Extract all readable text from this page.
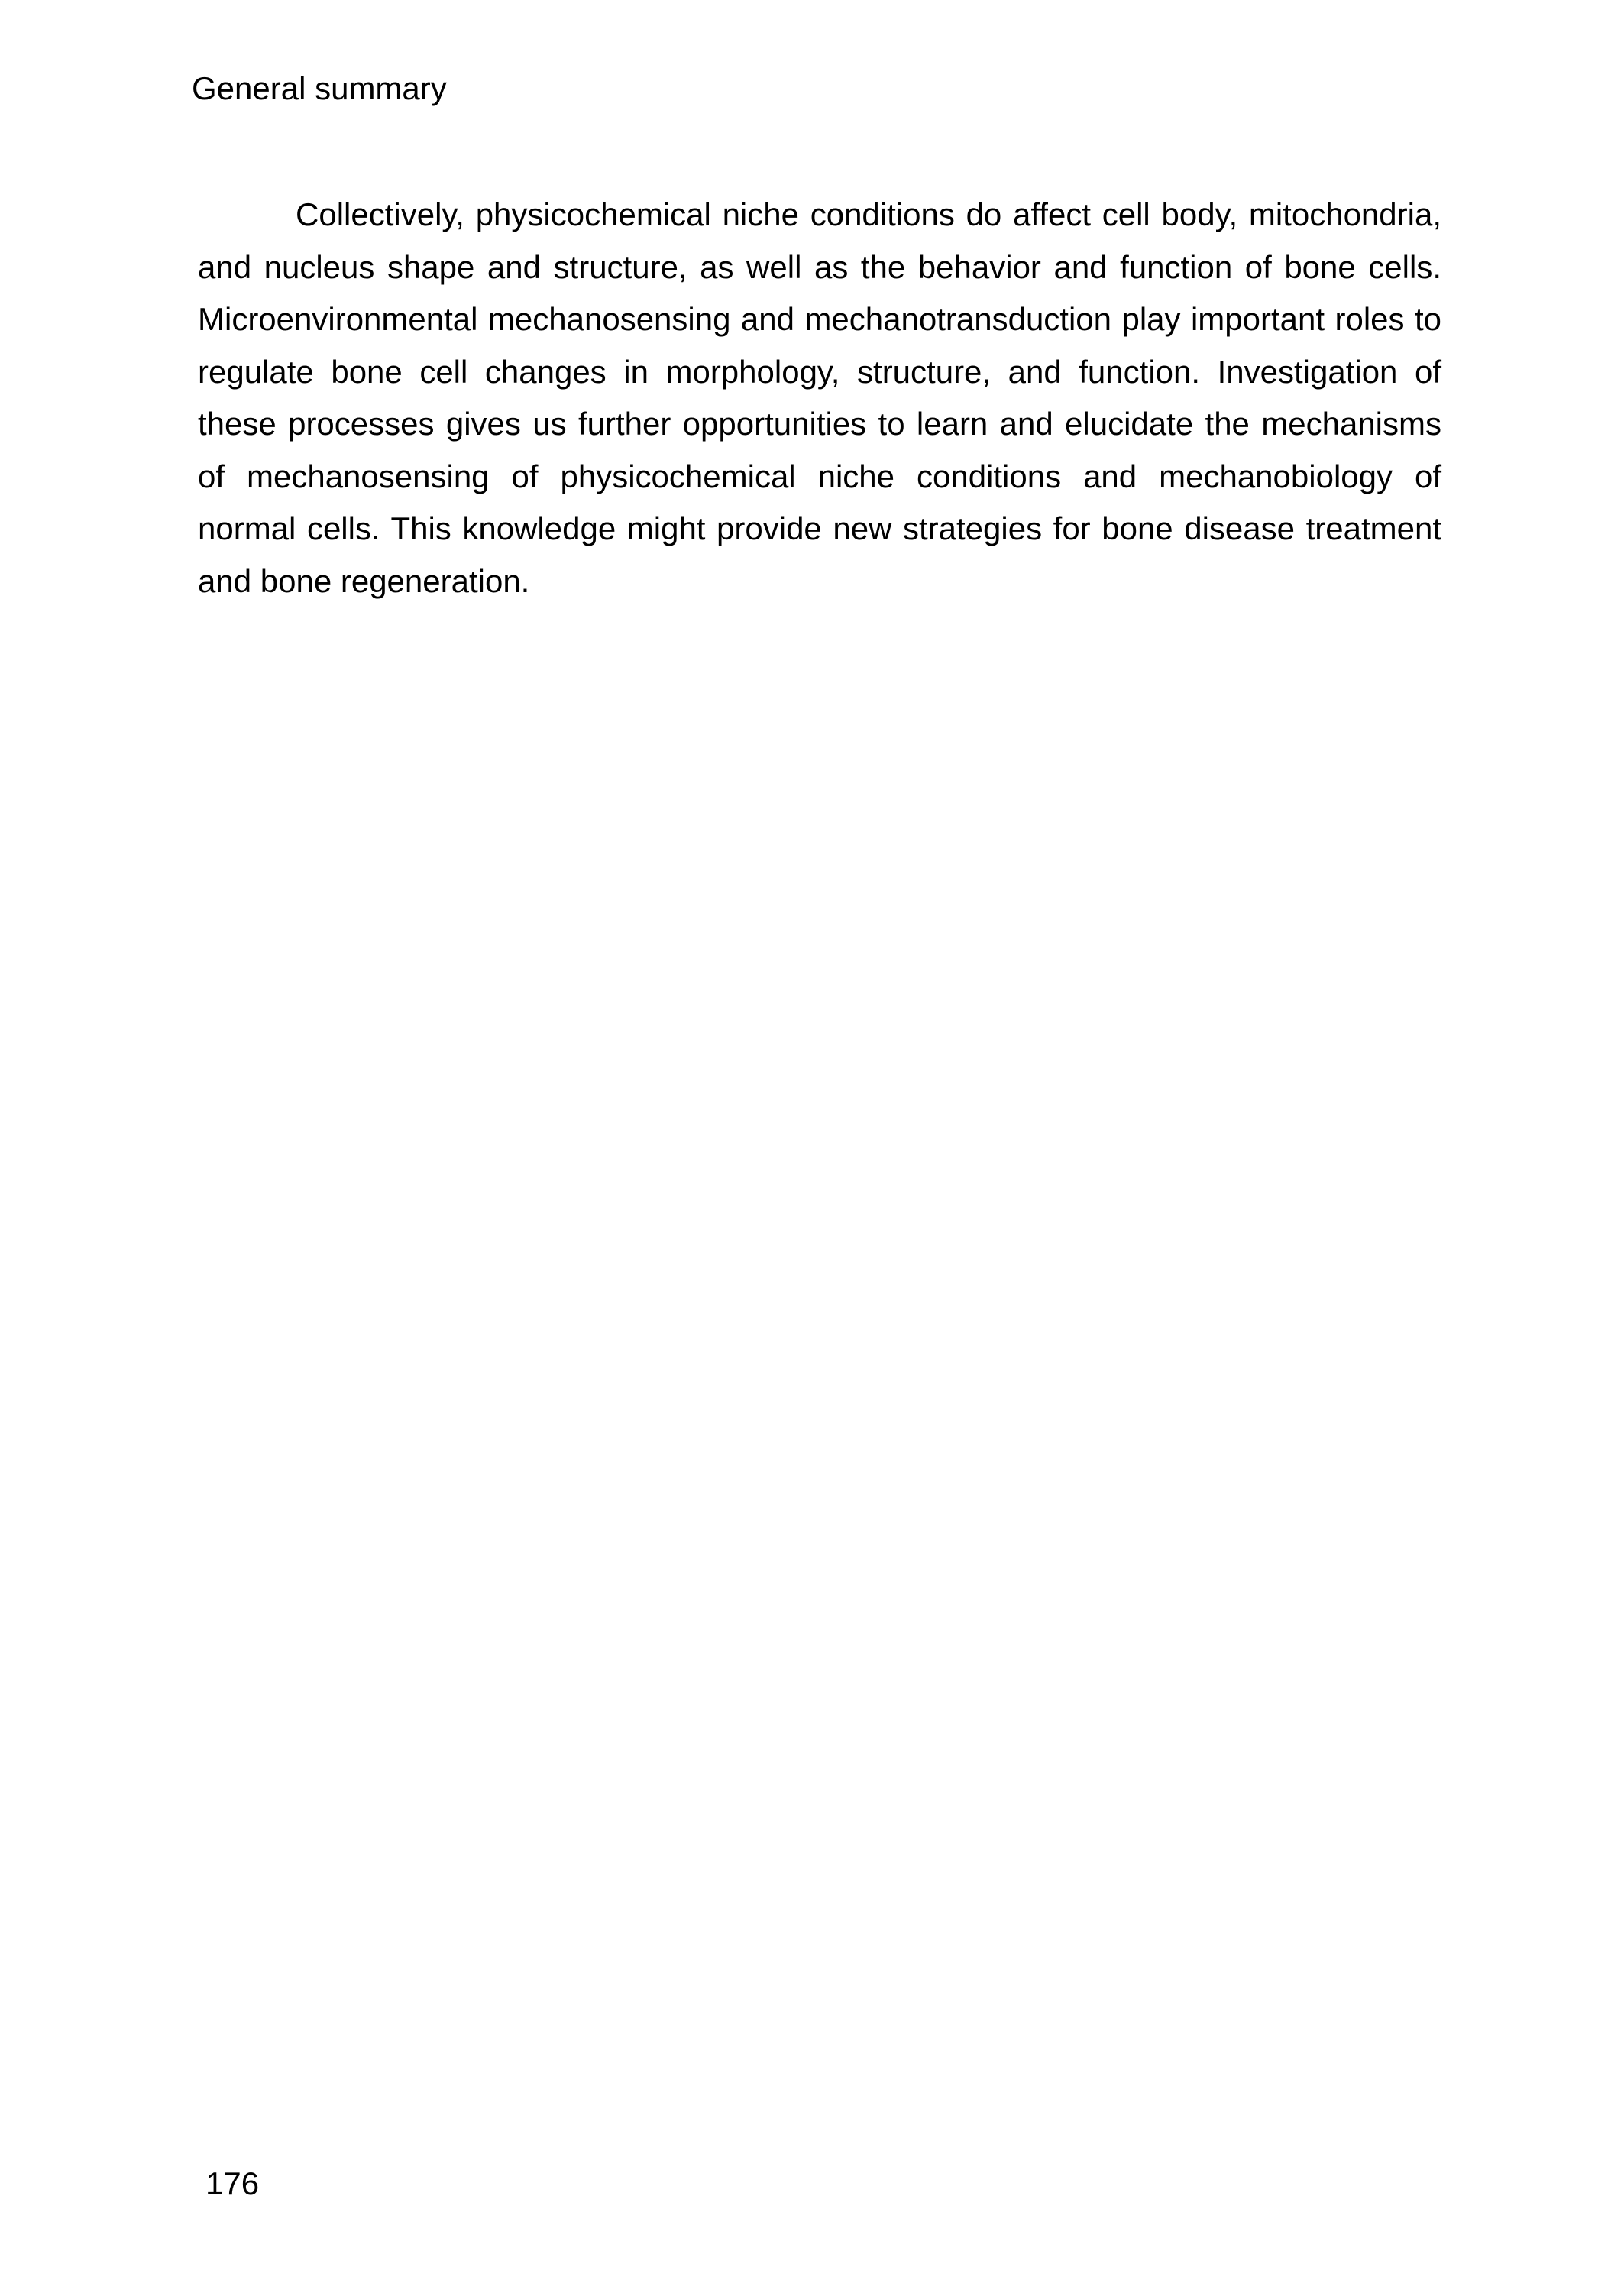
General summary

Collectively, physicochemical niche conditions do affect cell body, mitochondria, and nucleus shape and structure, as well as the behavior and function of bone cells. Microenvironmental mechanosensing and mechanotransduction play important roles to regulate bone cell changes in morphology, structure, and function. Investigation of these processes gives us further opportunities to learn and elucidate the mechanisms of mechanosensing of physicochemical niche conditions and mechanobiology of normal cells. This knowledge might provide new strategies for bone disease treatment and bone regeneration.

176
